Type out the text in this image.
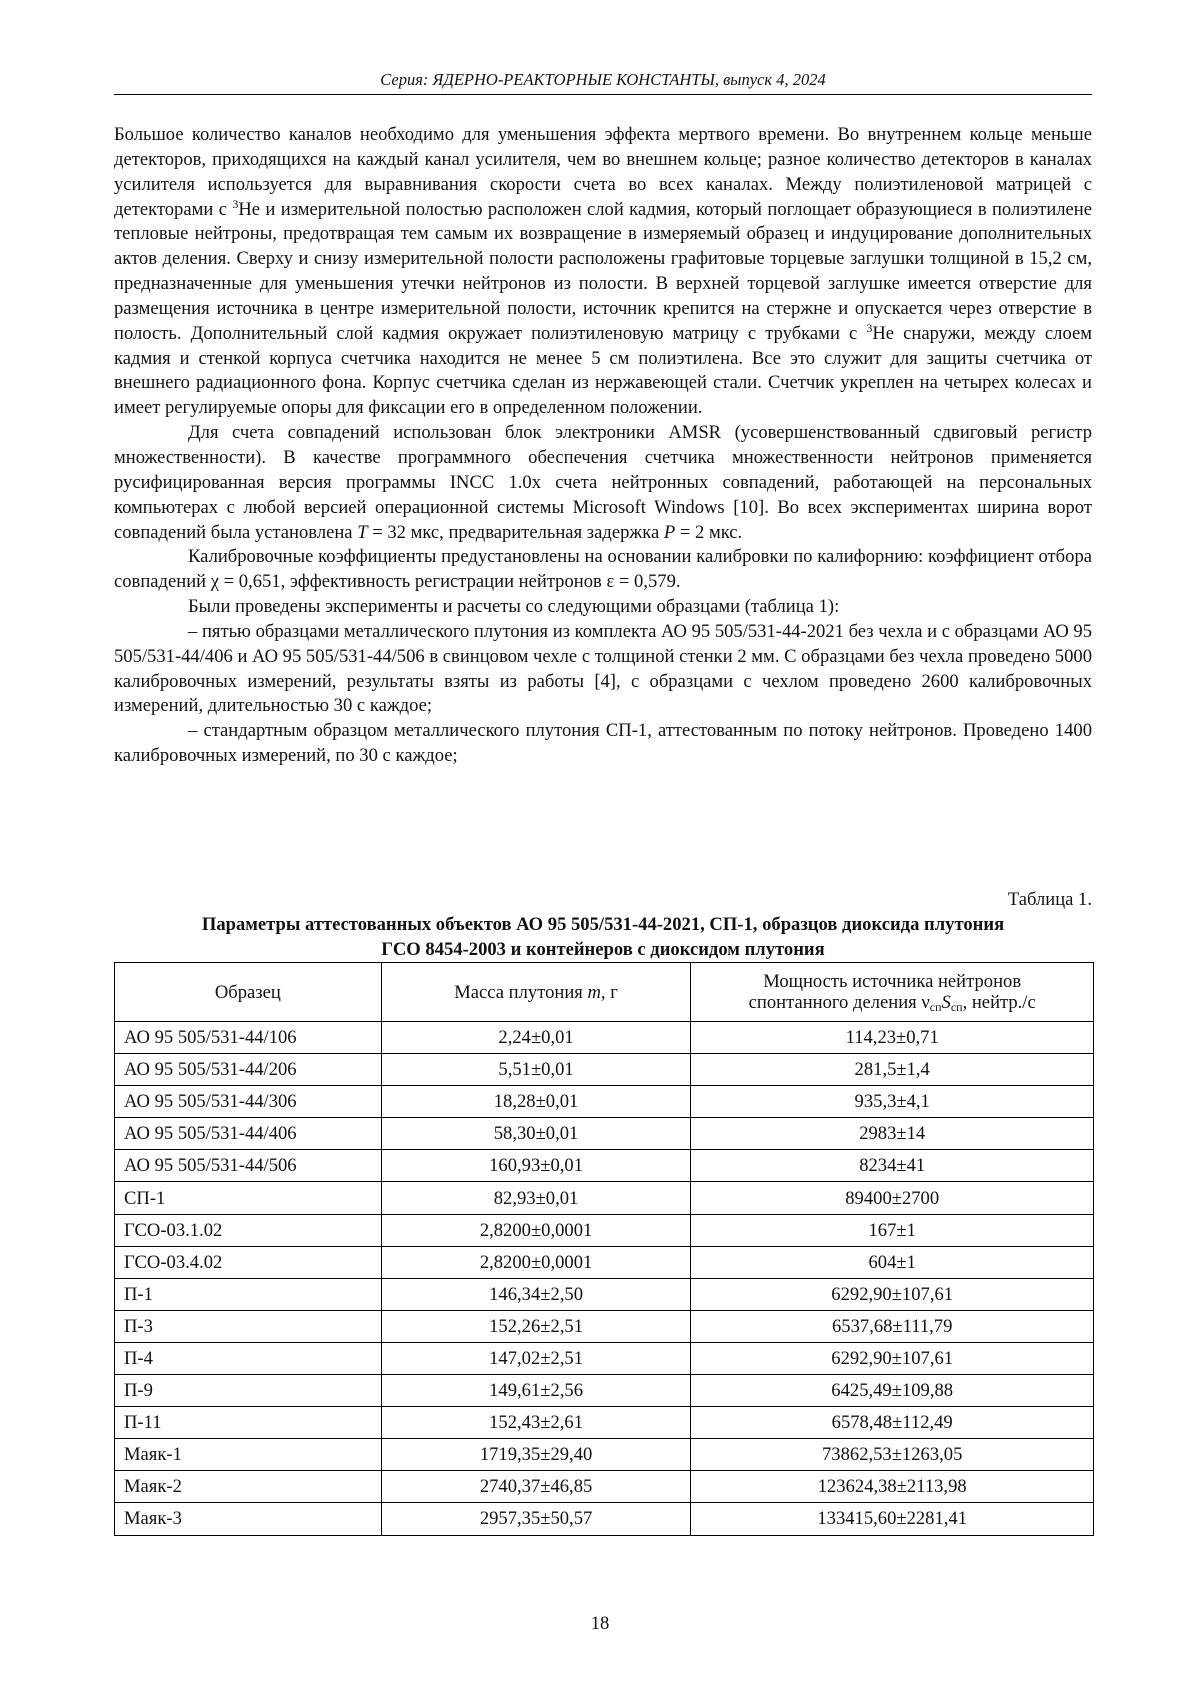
Серия: ЯДЕРНО-РЕАКТОРНЫЕ КОНСТАНТЫ, выпуск 4, 2024

Большое количество каналов необходимо для уменьшения эффекта мертвого времени. Во внутреннем кольце меньше детекторов, приходящихся на каждый канал усилителя, чем во внешнем кольце; разное количество детекторов в каналах усилителя используется для выравнивания скорости счета во всех каналах. Между полиэтиленовой матрицей с детекторами с $^3$He и измерительной полостью расположен слой кадмия, который поглощает образующиеся в полиэтилене тепловые нейтроны, предотвращая тем самым их возвращение в измеряемый образец и индуцирование дополнительных актов деления. Сверху и снизу измерительной полости расположены графитовые торцевые заглушки толщиной в 15,2 см, предназначенные для уменьшения утечки нейтронов из полости. В верхней торцевой заглушке имеется отверстие для размещения источника в центре измерительной полости, источник крепится на стержне и опускается через отверстие в полость. Дополнительный слой кадмия окружает полиэтиленовую матрицу с трубками с $^3$He снаружи, между слоем кадмия и стенкой корпуса счетчика находится не менее 5 см полиэтилена. Все это служит для защиты счетчика от внешнего радиационного фона. Корпус счетчика сделан из нержавеющей стали. Счетчик укреплен на четырех колесах и имеет регулируемые опоры для фиксации его в определенном положении.

Для счета совпадений использован блок электроники AMSR (усовершенствованный сдвиговый регистр множественности). В качестве программного обеспечения счетчика множественности нейтронов применяется русифицированная версия программы INCC 1.0x счета нейтронных совпадений, работающей на персональных компьютерах с любой версией операционной системы Microsoft Windows [10]. Во всех экспериментах ширина ворот совпадений была установлена T = 32 мкс, предварительная задержка P = 2 мкс.

Калибровочные коэффициенты предустановлены на основании калибровки по калифорнию: коэффициент отбора совпадений χ = 0,651, эффективность регистрации нейтронов ε = 0,579.

Были проведены эксперименты и расчеты со следующими образцами (таблица 1):

– пятью образцами металлического плутония из комплекта АО 95 505/531-44-2021 без чехла и с образцами АО 95 505/531-44/406 и АО 95 505/531-44/506 в свинцовом чехле с толщиной стенки 2 мм. С образцами без чехла проведено 5000 калибровочных измерений, результаты взяты из работы [4], с образцами с чехлом проведено 2600 калибровочных измерений, длительностью 30 с каждое;

– стандартным образцом металлического плутония СП-1, аттестованным по потоку нейтронов. Проведено 1400 калибровочных измерений, по 30 с каждое;

Таблица 1.
Параметры аттестованных объектов АО 95 505/531-44-2021, СП-1, образцов диоксида плутония
ГСО 8454-2003 и контейнеров с диоксидом плутония
Образец	Масса плутония m, г	Мощность источника нейтронов
спонтанного деления $\nu_{сп}S_{сп}$, нейтр./с
АО 95 505/531-44/106	2,24±0,01	114,23±0,71
АО 95 505/531-44/206	5,51±0,01	281,5±1,4
АО 95 505/531-44/306	18,28±0,01	935,3±4,1
АО 95 505/531-44/406	58,30±0,01	2983±14
АО 95 505/531-44/506	160,93±0,01	8234±41
СП-1	82,93±0,01	89400±2700
ГСО-03.1.02	2,8200±0,0001	167±1
ГСО-03.4.02	2,8200±0,0001	604±1
П-1	146,34±2,50	6292,90±107,61
П-3	152,26±2,51	6537,68±111,79
П-4	147,02±2,51	6292,90±107,61
П-9	149,61±2,56	6425,49±109,88
П-11	152,43±2,61	6578,48±112,49
Маяк-1	1719,35±29,40	73862,53±1263,05
Маяк-2	2740,37±46,85	123624,38±2113,98
Маяк-3	2957,35±50,57	133415,60±2281,41
18
